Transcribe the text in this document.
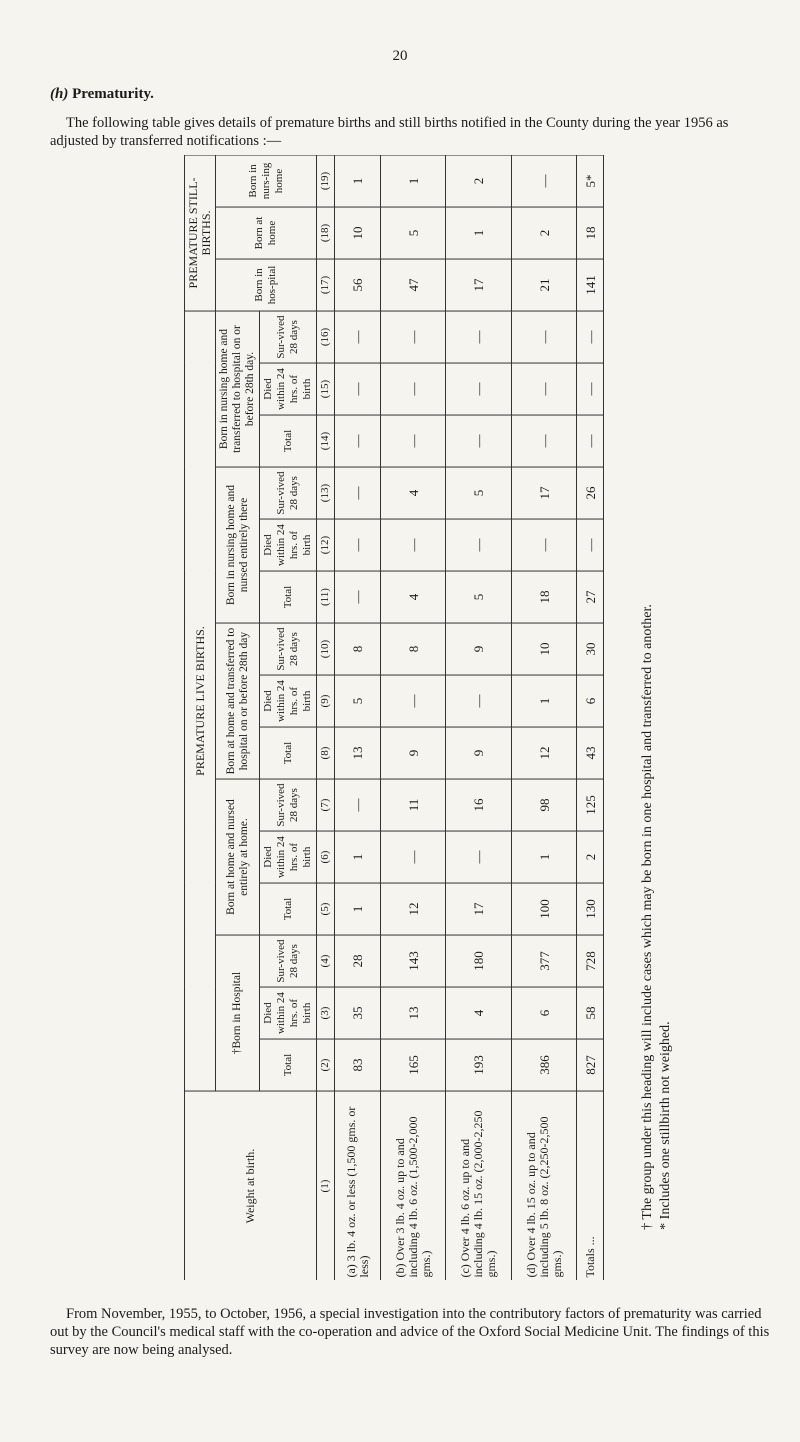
20
(h) Prematurity.

The following table gives details of premature births and still births notified in the County during the year 1956 as adjusted by transferred notifications :—

Weight at birth.	PREMATURE LIVE BIRTHS.															PREMATURE STILL-BIRTHS.		
	†Born in Hospital			Born at home and nursed entirely at home.			Born at home and transferred to hospital on or before 28th day			Born in nursing home and nursed entirely there			Born in nursing home and transferred to hospital on or before 28th day.			Born in hos-pital	Born at home	Born in nurs-ing home
	Total	Died within 24 hrs. of birth	Sur-vived 28 days	Total	Died within 24 hrs. of birth	Sur-vived 28 days	Total	Died within 24 hrs. of birth	Sur-vived 28 days	Total	Died within 24 hrs. of birth	Sur-vived 28 days	Total	Died within 24 hrs. of birth	Sur-vived 28 days			
(1)	(2)	(3)	(4)	(5)	(6)	(7)	(8)	(9)	(10)	(11)	(12)	(13)	(14)	(15)	(16)	(17)	(18)	(19)
(a) 3 lb. 4 oz. or less (1,500 gms. or less)	83	35	28	1	1	—	13	5	8	—	—	—	—	—	—	56	10	1
(b) Over 3 lb. 4 oz. up to and including 4 lb. 6 oz. (1,500-2,000 gms.)	165	13	143	12	—	11	9	—	8	4	—	4	—	—	—	47	5	1
(c) Over 4 lb. 6 oz. up to and including 4 lb. 15 oz. (2,000-2,250 gms.)	193	4	180	17	—	16	9	—	9	5	—	5	—	—	—	17	1	2
(d) Over 4 lb. 15 oz. up to and including 5 lb. 8 oz. (2,250-2,500 gms.)	386	6	377	100	1	98	12	1	10	18	—	17	—	—	—	21	2	—
Totals ...	827	58	728	130	2	125	43	6	30	27	—	26	—	—	—	141	18	5*
† The group under this heading will include cases which may be born in one hospital and transferred to another. * Includes one stillbirth not weighed.

From November, 1955, to October, 1956, a special investigation into the contributory factors of prematurity was carried out by the Council's medical staff with the co-operation and advice of the Oxford Social Medicine Unit. The findings of this survey are now being analysed.
